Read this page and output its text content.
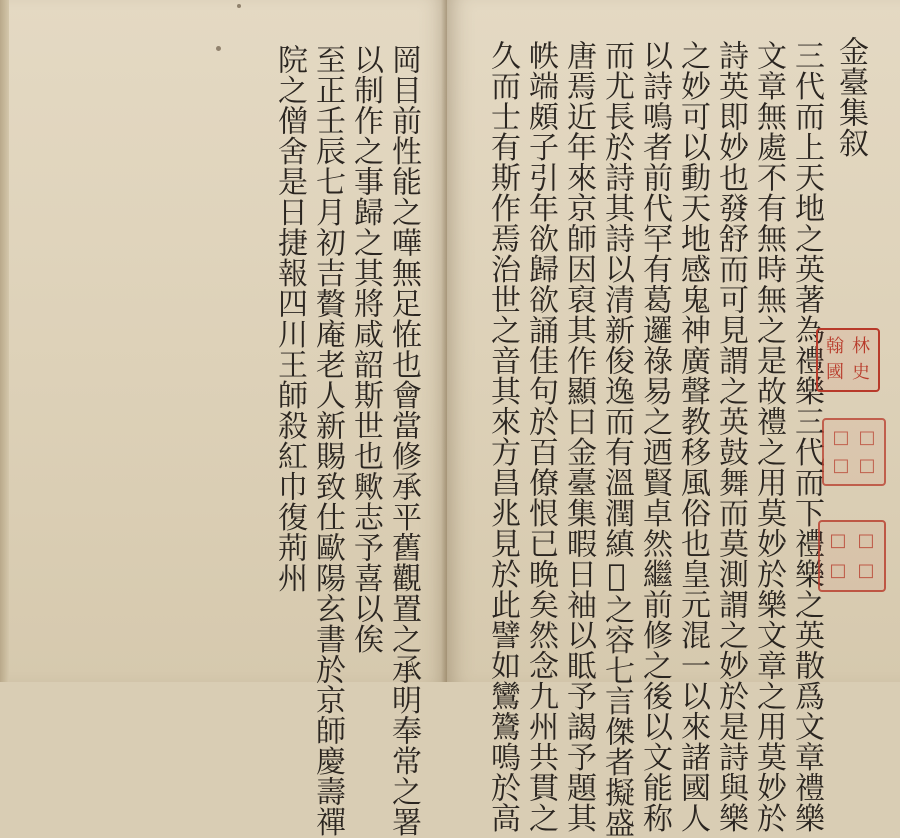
岡目前性能之嘩無足恠也會當修承平舊觀置之承明奉常之署
以制作之事歸之其將咸韶斯世也歟志予喜以俟
至正壬辰七月初吉贅庵老人新賜致仕歐陽玄書於京師慶壽禪
院之僧舍是日捷報四川王師殺紅巾復荊州	金臺集叙
三代而上天地之英著為禮樂三代而下禮樂之英散爲文章禮樂
文章無處不有無時無之是故禮之用莫妙於樂文章之用莫妙於
詩英即妙也發舒而可見謂之英鼓舞而莫測謂之妙於是詩與樂
之妙可以動天地感鬼神廣聲教移風俗也皇元混一以來諸國人
以詩鳴者前代罕有葛邏祿易之迺賢卓然繼前修之後以文能称
而尤長於詩其詩以清新俊逸而有溫潤縝𥨊之容七言傑者擬盛
唐焉近年來京師因裒其作顯曰金臺集暇日袖以眡予謁予題其
帙端頗子引年欲歸欲誦佳句於百僚恨已晚矣然念九州共貫之
久而士有斯作焉治世之音其來方昌兆見於此譬如鸞鷟鳴於高	翰 林
國 史
□ □
□ □
□ □
□ □
